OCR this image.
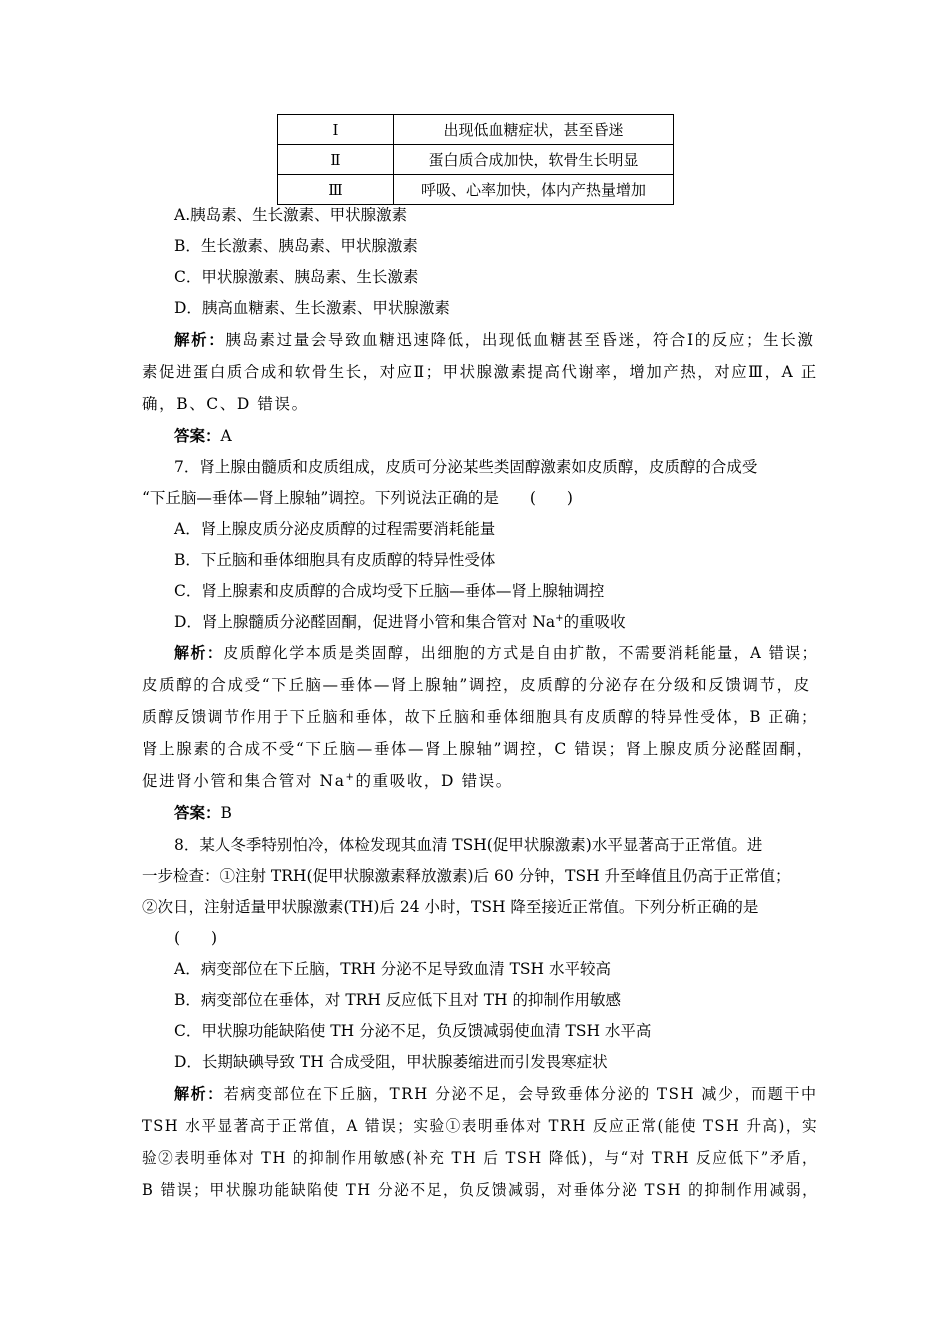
Ⅰ	出现低血糖症状，甚至昏迷
Ⅱ	蛋白质合成加快，软骨生长明显
Ⅲ	呼吸、心率加快，体内产热量增加
A.胰岛素、生长激素、甲状腺激素
B．生长激素、胰岛素、甲状腺激素
C．甲状腺激素、胰岛素、生长激素
D．胰高血糖素、生长激素、甲状腺激素
解析：胰岛素过量会导致血糖迅速降低，出现低血糖甚至昏迷，符合Ⅰ的反应；生长激
素促进蛋白质合成和软骨生长，对应Ⅱ；甲状腺激素提高代谢率，增加产热，对应Ⅲ，A 正
确，B、C、D 错误。
答案：A
7．肾上腺由髓质和皮质组成，皮质可分泌某些类固醇激素如皮质醇，皮质醇的合成受
“下丘脑—垂体—肾上腺轴”调控。下列说法正确的是　　(　　)
A．肾上腺皮质分泌皮质醇的过程需要消耗能量
B．下丘脑和垂体细胞具有皮质醇的特异性受体
C．肾上腺素和皮质醇的合成均受下丘脑—垂体—肾上腺轴调控
D．肾上腺髓质分泌醛固酮，促进肾小管和集合管对 Na+的重吸收
解析：皮质醇化学本质是类固醇，出细胞的方式是自由扩散，不需要消耗能量，A 错误；
皮质醇的合成受“下丘脑—垂体—肾上腺轴”调控，皮质醇的分泌存在分级和反馈调节，皮
质醇反馈调节作用于下丘脑和垂体，故下丘脑和垂体细胞具有皮质醇的特异性受体，B 正确；
肾上腺素的合成不受“下丘脑—垂体—肾上腺轴”调控，C 错误；肾上腺皮质分泌醛固酮，
促进肾小管和集合管对 Na+的重吸收，D 错误。
答案：B
8．某人冬季特别怕冷，体检发现其血清 TSH(促甲状腺激素)水平显著高于正常值。进
一步检查：①注射 TRH(促甲状腺激素释放激素)后 60 分钟，TSH 升至峰值且仍高于正常值；
②次日，注射适量甲状腺激素(TH)后 24 小时，TSH 降至接近正常值。下列分析正确的是
(　　)
A．病变部位在下丘脑，TRH 分泌不足导致血清 TSH 水平较高
B．病变部位在垂体，对 TRH 反应低下且对 TH 的抑制作用敏感
C．甲状腺功能缺陷使 TH 分泌不足，负反馈减弱使血清 TSH 水平高
D．长期缺碘导致 TH 合成受阻，甲状腺萎缩进而引发畏寒症状
解析：若病变部位在下丘脑，TRH 分泌不足，会导致垂体分泌的 TSH 减少，而题干中
TSH 水平显著高于正常值，A 错误；实验①表明垂体对 TRH 反应正常(能使 TSH 升高)，实
验②表明垂体对 TH 的抑制作用敏感(补充 TH 后 TSH 降低)，与“对 TRH 反应低下”矛盾，
B 错误；甲状腺功能缺陷使 TH 分泌不足，负反馈减弱，对垂体分泌 TSH 的抑制作用减弱，
